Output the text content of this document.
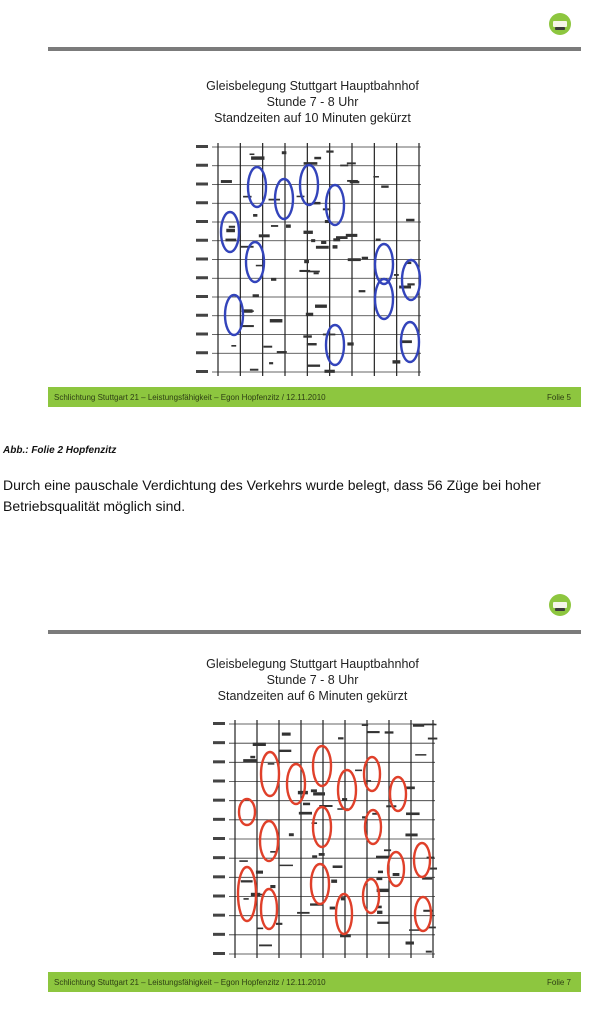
Gleisbelegung Stuttgart Hauptbahnhof
Stunde 7 - 8 Uhr
Standzeiten auf 10 Minuten gekürzt
Schlichtung Stuttgart 21 – Leistungsfähigkeit – Egon Hopfenzitz / 12.11.2010	Folie 5
Abb.: Folie 2 Hopfenzitz
Durch eine pauschale Verdichtung des Verkehrs wurde belegt, dass 56 Züge bei hoher Betriebsqualität möglich sind.
Gleisbelegung Stuttgart Hauptbahnhof
Stunde 7 - 8 Uhr
Standzeiten auf 6 Minuten gekürzt
Schlichtung Stuttgart 21 – Leistungsfähigkeit – Egon Hopfenzitz / 12.11.2010	Folie 7
